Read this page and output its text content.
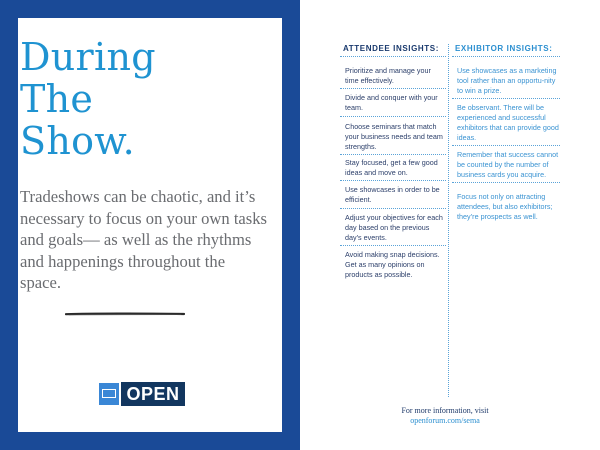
During
The
Show.
Tradeshows can be chaotic, and it’s necessary to focus on your own tasks and goals— as well as the rhythms and happenings throughout the space.
OPEN
ATTENDEE INSIGHTS: EXHIBITOR INSIGHTS:
Prioritize and manage your time effectively.
Divide and conquer with your team.
Choose seminars that match your business needs and team strengths.
Stay focused, get a few good ideas and move on.
Use showcases in order to be efficient.
Adjust your objectives for each day based on the previous day’s events.
Avoid making snap decisions. Get as many opinions on products as possible.
Use showcases as a marketing tool rather than an opportu-nity to win a prize.
Be observant. There will be experienced and successful exhibitors that can provide good ideas.
Remember that success cannot be counted by the number of business cards you acquire.
Focus not only on attracting attendees, but also exhibitors; they’re prospects as well.
For more information, visit
openforum.com/sema
